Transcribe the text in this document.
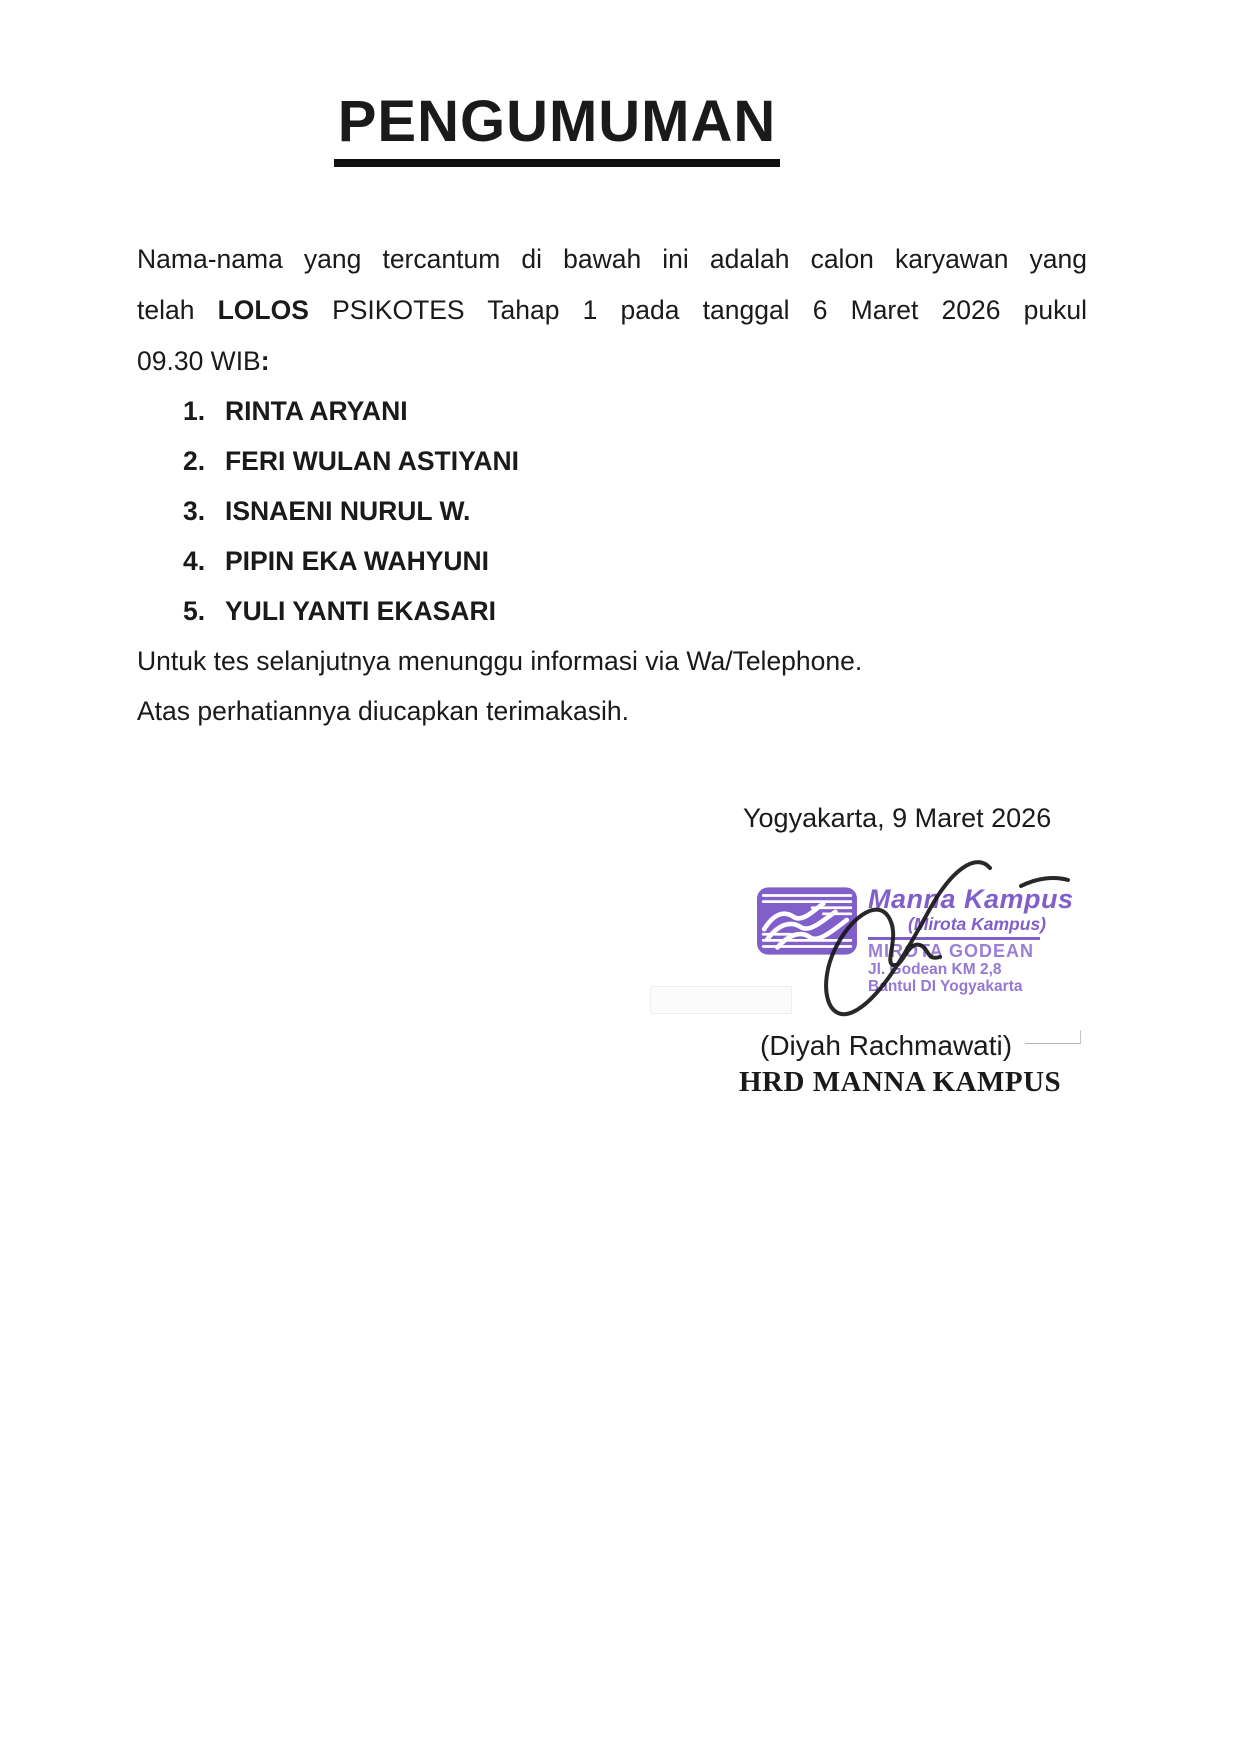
PENGUMUMAN
Nama-nama yang tercantum di bawah ini adalah calon karyawan yang
telah LOLOS PSIKOTES Tahap 1 pada tanggal 6 Maret 2026 pukul
09.30 WIB:
1. RINTA ARYANI
2. FERI WULAN ASTIYANI
3. ISNAENI NURUL W.
4. PIPIN EKA WAHYUNI
5. YULI YANTI EKASARI
Untuk tes selanjutnya menunggu informasi via Wa/Telephone.
Atas perhatiannya diucapkan terimakasih.
Yogyakarta, 9 Maret 2026
Manna Kampus
(Mirota Kampus)
MIROTA GODEAN
Jl. Godean KM 2,8
Bantul DI Yogyakarta
(Diyah Rachmawati)
HRD MANNA KAMPUS
